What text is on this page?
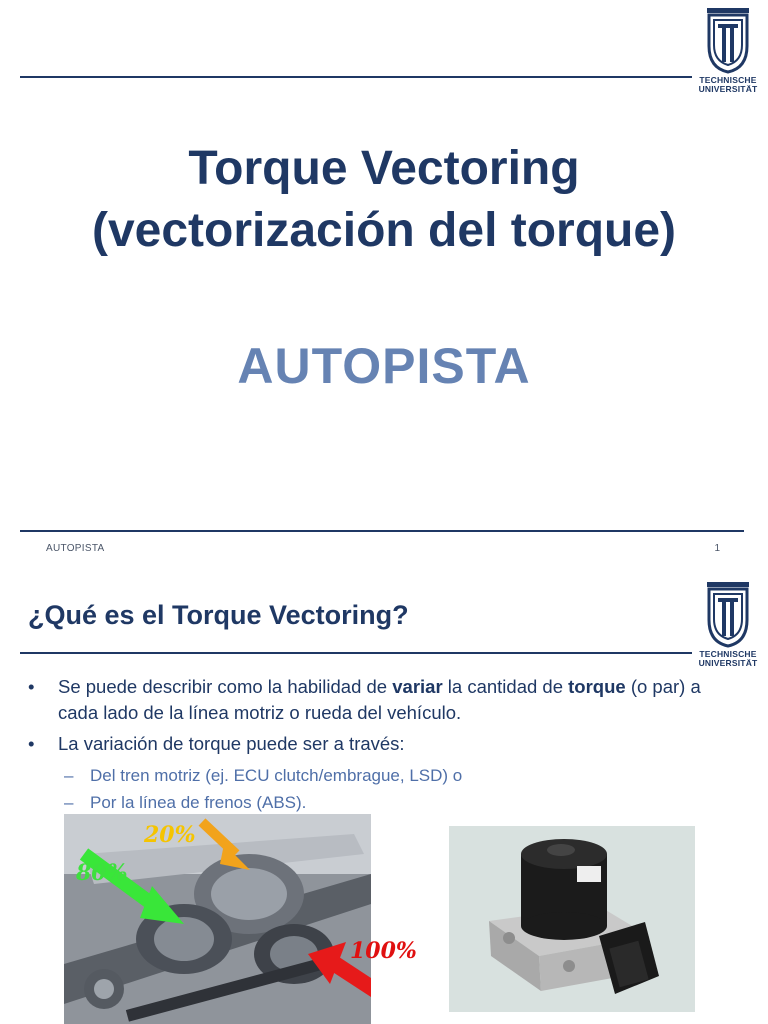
TECHNISCHE
UNIVERSITÄT
Torque Vectoring
(vectorización del torque)
AUTOPISTA
AUTOPISTA	1
¿Qué es el Torque Vectoring?
TECHNISCHE
UNIVERSITÄT
• Se puede describir como la habilidad de variar la cantidad de torque (o par) a cada lado de la línea motriz o rueda del vehículo.
• La variación de torque puede ser a través:
– Del tren motriz (ej. ECU clutch/embrague, LSD) o
– Por la línea de frenos (ABS).
20%
80%
100%
